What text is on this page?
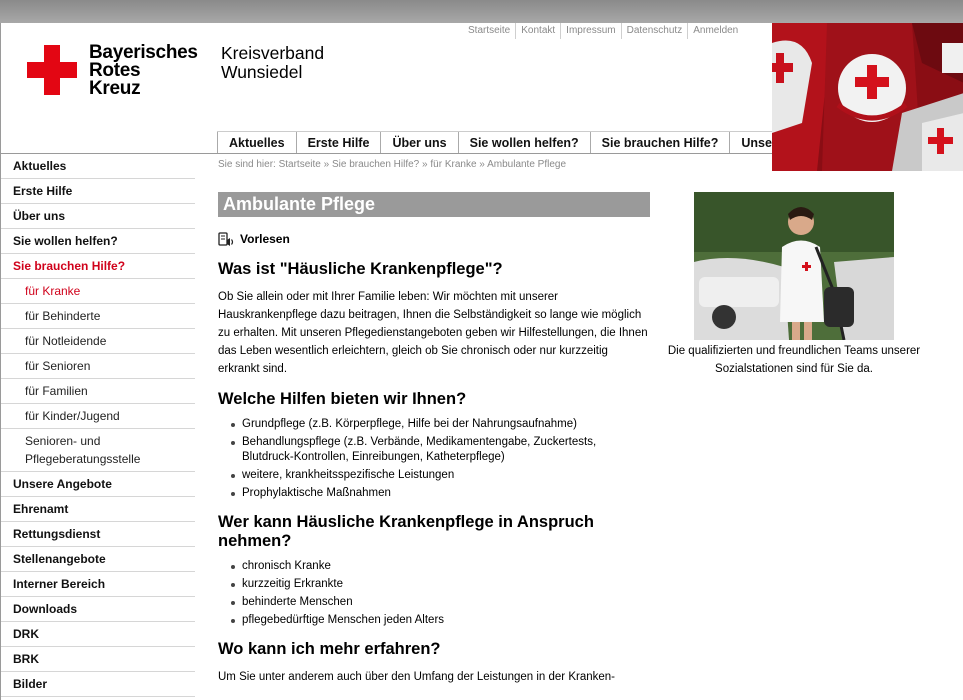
Bayerisches
Rotes
Kreuz
Kreisverband
Wunsiedel
Startseite	Kontakt	Impressum	Datenschutz	Anmelden
Aktuelles	Erste Hilfe	Über uns	Sie wollen helfen?	Sie brauchen Hilfe?	Unse
Aktuelles
Erste Hilfe
Über uns
Sie wollen helfen?
Sie brauchen Hilfe?
für Kranke
für Behinderte
für Notleidende
für Senioren
für Familien
für Kinder/Jugend
Senioren- und
Pflegeberatungsstelle
Unsere Angebote
Ehrenamt
Rettungsdienst
Stellenangebote
Interner Bereich
Downloads
DRK
BRK
Bilder
Sie sind hier: Startseite » Sie brauchen Hilfe? » für Kranke » Ambulante Pflege
Ambulante Pflege
Vorlesen
Was ist "Häusliche Krankenpflege"?

Ob Sie allein oder mit Ihrer Familie leben: Wir möchten mit unserer Hauskrankenpflege dazu beitragen, Ihnen die Selbständigkeit so lange wie möglich zu erhalten. Mit unseren Pflegedienstangeboten geben wir Hilfestellungen, die Ihnen das Leben wesentlich erleichtern, gleich ob Sie chronisch oder nur kurzzeitig erkrankt sind.

Welche Hilfen bieten wir Ihnen?
Grundpflege (z.B. Körperpflege, Hilfe bei der Nahrungsaufnahme)
Behandlungspflege (z.B. Verbände, Medikamentengabe, Zuckertests, Blutdruck-Kontrollen, Einreibungen, Katheterpflege)
weitere, krankheitsspezifische Leistungen
Prophylaktische Maßnahmen
Wer kann Häusliche Krankenpflege in Anspruch nehmen?
chronisch Kranke
kurzzeitig Erkrankte
behinderte Menschen
pflegebedürftige Menschen jeden Alters
Wo kann ich mehr erfahren?

Um Sie unter anderem auch über den Umfang der Leistungen in der Kranken-

Die qualifizierten und freundlichen Teams unserer
Sozialstationen sind für Sie da.
